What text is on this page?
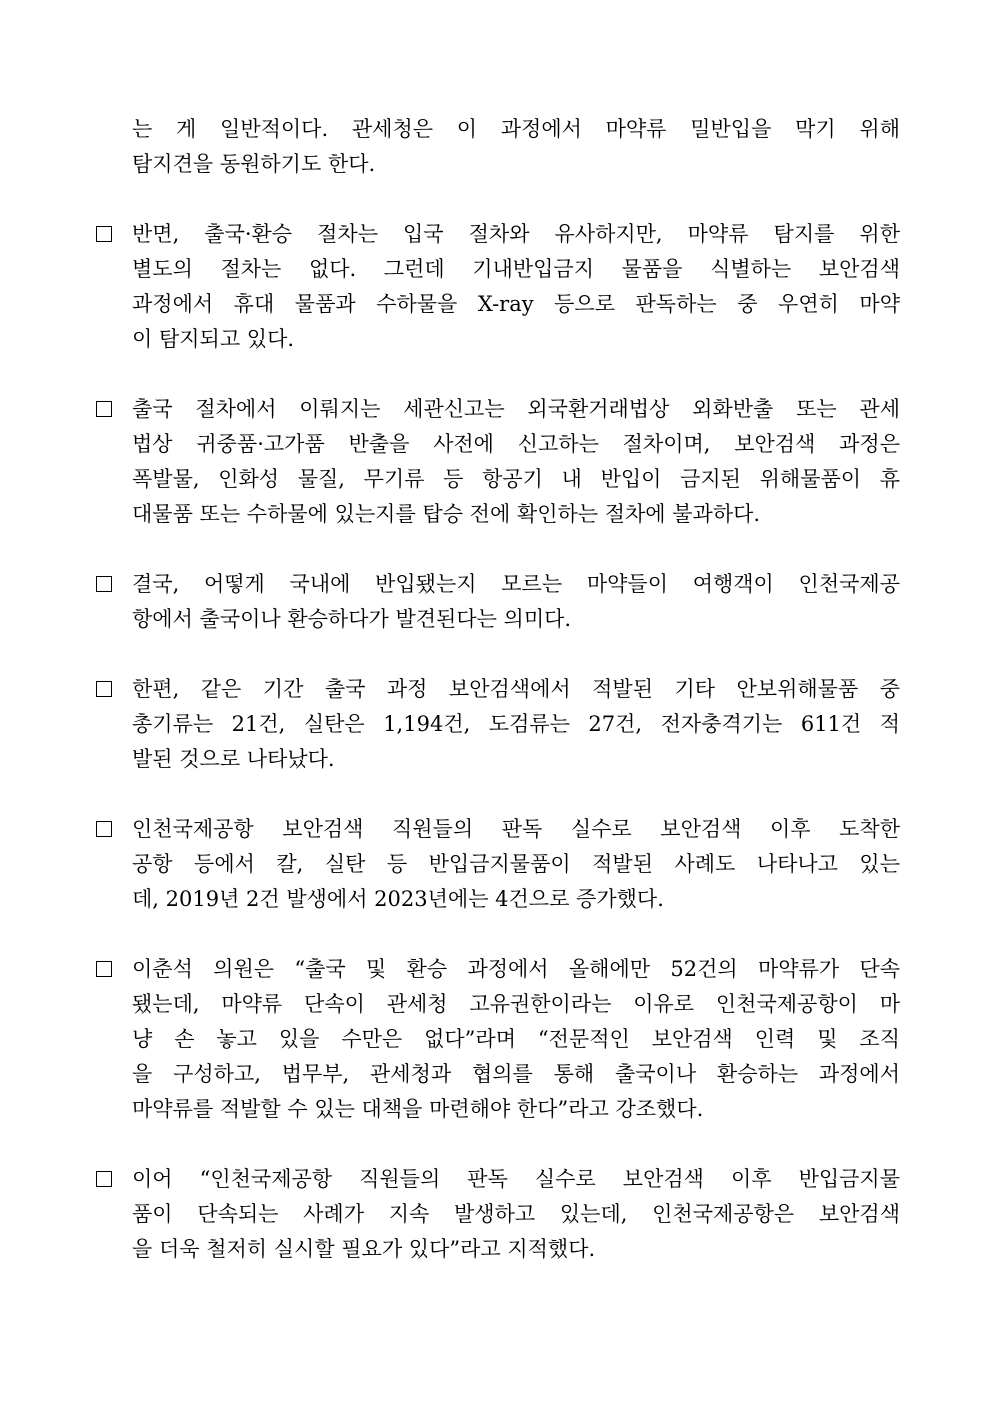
는 게 일반적이다. 관세청은 이 과정에서 마약류 밀반입을 막기 위해
탐지견을 동원하기도 한다.
반면, 출국·환승 절차는 입국 절차와 유사하지만, 마약류 탐지를 위한
별도의 절차는 없다. 그런데 기내반입금지 물품을 식별하는 보안검색
과정에서 휴대 물품과 수하물을 X-ray 등으로 판독하는 중 우연히 마약
이 탐지되고 있다.
출국 절차에서 이뤄지는 세관신고는 외국환거래법상 외화반출 또는 관세
법상 귀중품·고가품 반출을 사전에 신고하는 절차이며, 보안검색 과정은
폭발물, 인화성 물질, 무기류 등 항공기 내 반입이 금지된 위해물품이 휴
대물품 또는 수하물에 있는지를 탑승 전에 확인하는 절차에 불과하다.
결국, 어떻게 국내에 반입됐는지 모르는 마약들이 여행객이 인천국제공
항에서 출국이나 환승하다가 발견된다는 의미다.
한편, 같은 기간 출국 과정 보안검색에서 적발된 기타 안보위해물품 중
총기류는 21건, 실탄은 1,194건, 도검류는 27건, 전자충격기는 611건 적
발된 것으로 나타났다.
인천국제공항 보안검색 직원들의 판독 실수로 보안검색 이후 도착한
공항 등에서 칼, 실탄 등 반입금지물품이 적발된 사례도 나타나고 있는
데, 2019년 2건 발생에서 2023년에는 4건으로 증가했다.
이춘석 의원은 “출국 및 환승 과정에서 올해에만 52건의 마약류가 단속
됐는데, 마약류 단속이 관세청 고유권한이라는 이유로 인천국제공항이 마
냥 손 놓고 있을 수만은 없다”라며 “전문적인 보안검색 인력 및 조직
을 구성하고, 법무부, 관세청과 협의를 통해 출국이나 환승하는 과정에서
마약류를 적발할 수 있는 대책을 마련해야 한다”라고 강조했다.
이어 “인천국제공항 직원들의 판독 실수로 보안검색 이후 반입금지물
품이 단속되는 사례가 지속 발생하고 있는데, 인천국제공항은 보안검색
을 더욱 철저히 실시할 필요가 있다”라고 지적했다.
